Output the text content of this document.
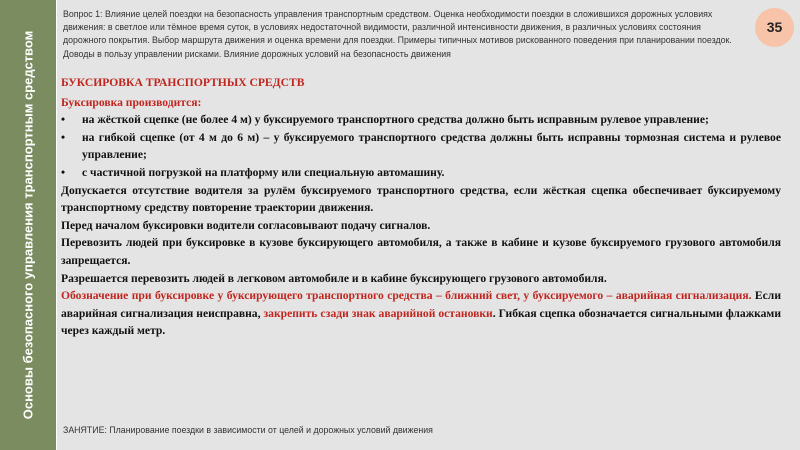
Основы безопасного управления транспортным средством
Вопрос 1: Влияние целей поездки на безопасность управления транспортным средством. Оценка необходимости поездки в сложившихся дорожных условиях движения: в светлое или тёмное время суток, в условиях недостаточной видимости, различной интенсивности движения, в различных условиях состояния дорожного покрытия. Выбор маршрута движения и оценка времени для поездки. Примеры типичных мотивов рискованного поведения при планировании поездок. Доводы в пользу управлении рисками. Влияние дорожных условий на безопасность движения
35
БУКСИРОВКА ТРАНСПОРТНЫХ СРЕДСТВ
Буксировка производится:
• на жёсткой сцепке (не более 4 м) у буксируемого транспортного средства должно быть исправным рулевое управление;
• на гибкой сцепке (от 4 м до 6 м) – у буксируемого транспортного средства должны быть исправны тормозная система и рулевое управление;
• с частичной погрузкой на платформу или специальную автомашину.

Допускается отсутствие водителя за рулём буксируемого транспортного средства, если жёсткая сцепка обеспечивает буксируемому транспортному средству повторение траектории движения.

Перед началом буксировки водители согласовывают подачу сигналов.

Перевозить людей при буксировке в кузове буксирующего автомобиля, а также в кабине и кузове буксируемого грузового автомобиля запрещается.

Разрешается перевозить людей в легковом автомобиле и в кабине буксирующего грузового автомобиля.

Обозначение при буксировке у буксирующего транспортного средства – ближний свет, у буксируемого – аварийная сигнализация. Если аварийная сигнализация неисправна, закрепить сзади знак аварийной остановки. Гибкая сцепка обозначается сигнальными флажками через каждый метр.

ЗАНЯТИЕ: Планирование поездки в зависимости от целей и дорожных условий движения
